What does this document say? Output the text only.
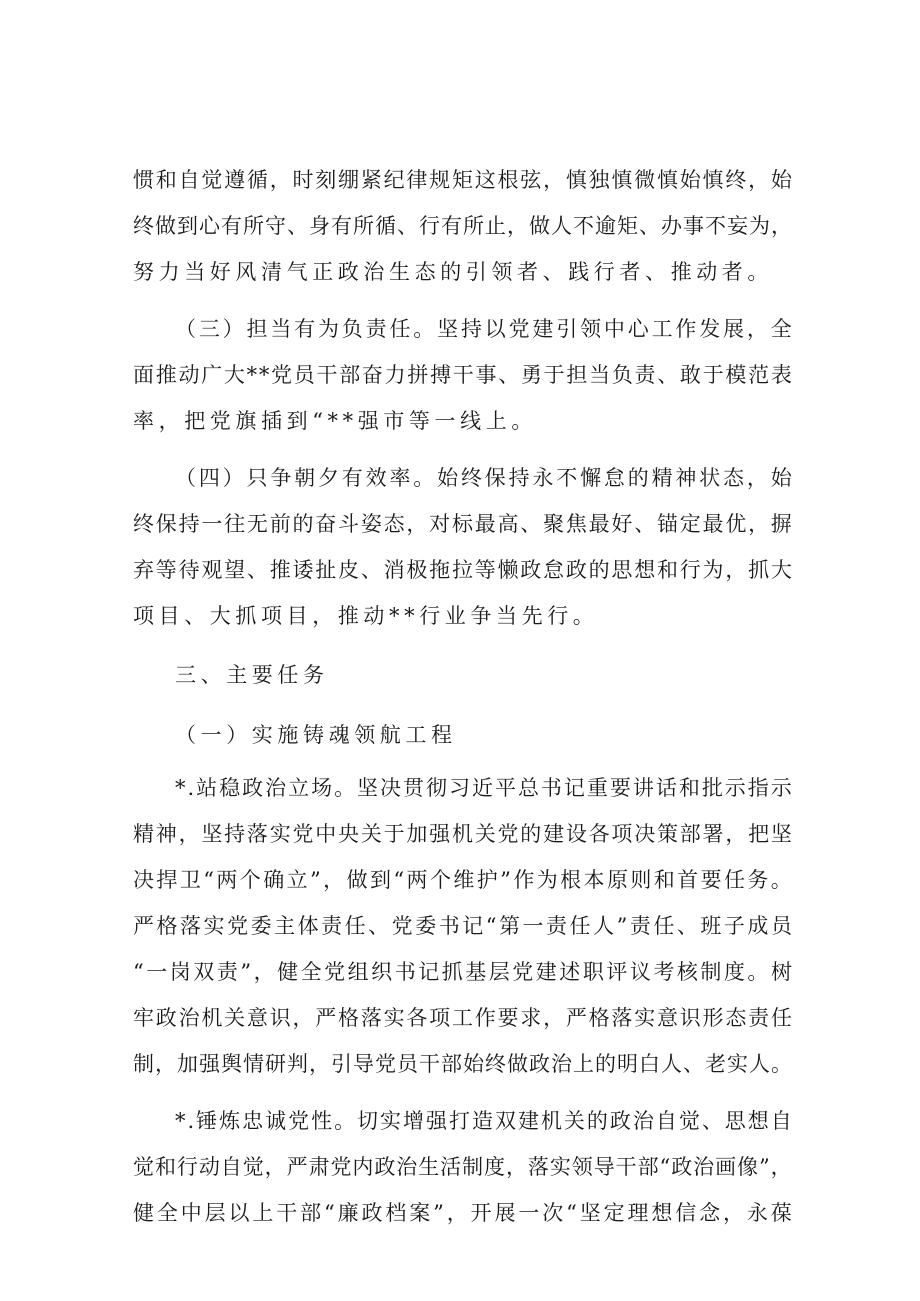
惯 和 自 觉 遵 循 ， 时 刻 绷 紧 纪 律 规 矩 这 根 弦 ， 慎 独 慎 微 慎 始 慎 终 ， 始
终 做 到 心 有 所 守 、 身 有 所 循 、 行 有 所 止 ， 做 人 不 逾 矩 、 办 事 不 妄 为 ，
努力当好风清气正政治生态的引领者、践行者、推动者。
（ 三 ） 担 当 有 为 负 责 任 。 坚 持 以 党 建 引 领 中 心 工 作 发 展 ， 全
面 推 动 广 大 * * 党 员 干 部 奋 力 拼 搏 干 事 、 勇 于 担 当 负 责 、 敢 于 模 范 表
率，把党旗插到“**强市等一线上。
（ 四 ） 只 争 朝 夕 有 效 率 。 始 终 保 持 永 不 懈 怠 的 精 神 状 态 ， 始
终 保 持 一 往 无 前 的 奋 斗 姿 态 ， 对 标 最 高 、 聚 焦 最 好 、 锚 定 最 优 ， 摒
弃 等 待 观 望 、 推 诿 扯 皮 、 消 极 拖 拉 等 懒 政 怠 政 的 思 想 和 行 为 ， 抓 大
项目、大抓项目，推动**行业争当先行。
三、主要任务
（一）实施铸魂领航工程
* . 站 稳 政 治 立 场 。 坚 决 贯 彻 习 近 平 总 书 记 重 要 讲 话 和 批 示 指 示
精 神 ， 坚 持 落 实 党 中 央 关 于 加 强 机 关 党 的 建 设 各 项 决 策 部 署 ， 把 坚
决 捍 卫 “ 两 个 确 立 ” ， 做 到 “ 两 个 维 护 ” 作 为 根 本 原 则 和 首 要 任 务 。
严 格 落 实 党 委 主 体 责 任 、 党 委 书 记 “ 第 一 责 任 人 ” 责 任 、 班 子 成 员
“ 一 岗 双 责 ” ， 健 全 党 组 织 书 记 抓 基 层 党 建 述 职 评 议 考 核 制 度 。 树
牢 政 治 机 关 意 识 ， 严 格 落 实 各 项 工 作 要 求 ， 严 格 落 实 意 识 形 态 责 任
制 ， 加 强 舆 情 研 判 ， 引 导 党 员 干 部 始 终 做 政 治 上 的 明 白 人 、 老 实 人 。
* . 锤 炼 忠 诚 党 性 。 切 实 增 强 打 造 双 建 机 关 的 政 治 自 觉 、 思 想 自
觉 和 行 动 自 觉 ， 严 肃 党 内 政 治 生 活 制 度 ， 落 实 领 导 干 部 “ 政 治 画 像 ” ，
健 全 中 层 以 上 干 部 “ 廉 政 档 案 ” ， 开 展 一 次 “ 坚 定 理 想 信 念 ， 永 葆
